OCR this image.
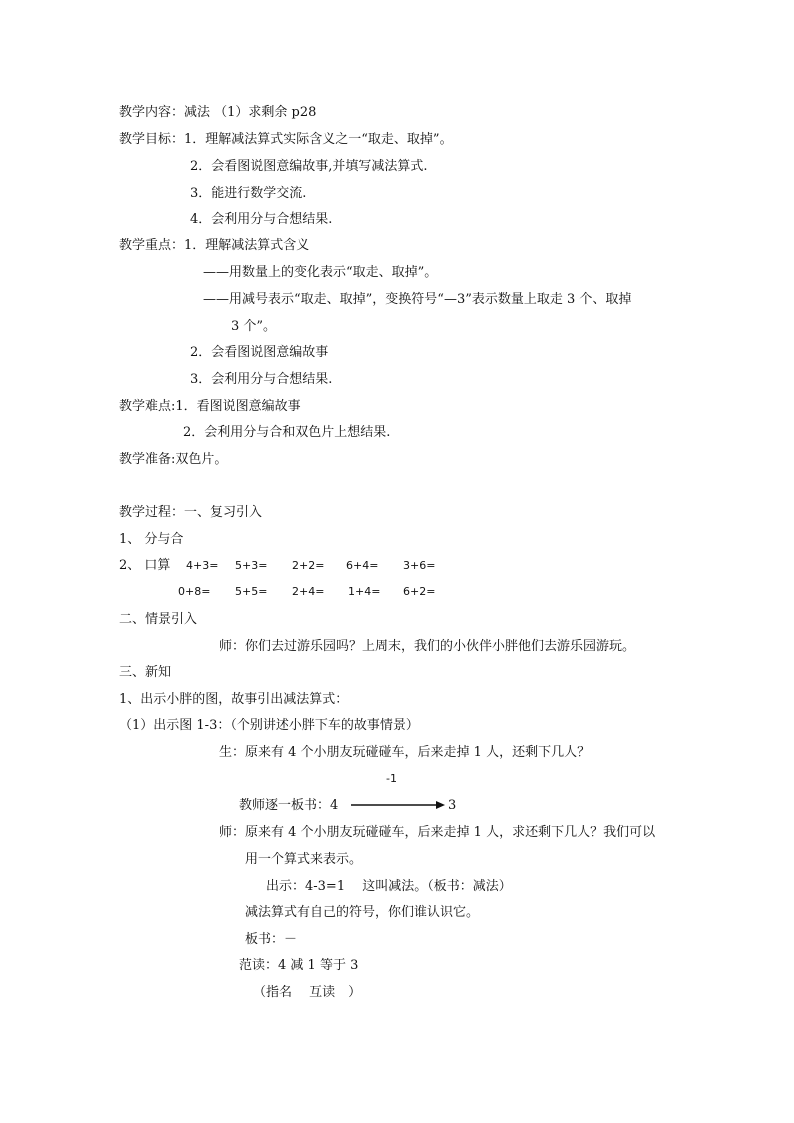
教学内容：减法 （1）求剩余 p28
教学目标：1．理解减法算式实际含义之一“取走、取掉”。
2．会看图说图意编故事,并填写减法算式.
3．能进行数学交流.
4．会利用分与合想结果.
教学重点：1．理解减法算式含义
——用数量上的变化表示“取走、取掉”。
——用减号表示“取走、取掉”，变换符号“—3”表示数量上取走 3 个、取掉
3 个”。
2．会看图说图意编故事
3．会利用分与合想结果.
教学难点:1．看图说图意编故事
2．会利用分与合和双色片上想结果.
教学准备:双色片。
教学过程：一、复习引入
1、 分与合
2、 口算 4+3= 5+3= 2+2= 6+4= 3+6=
0+8= 5+5= 2+4= 1+4= 6+2=
二、情景引入
师：你们去过游乐园吗？上周末，我们的小伙伴小胖他们去游乐园游玩。
三、新知
1、出示小胖的图，故事引出减法算式：
（1）出示图 1-3：（个别讲述小胖下车的故事情景）
生：原来有 4 个小朋友玩碰碰车，后来走掉 1 人，还剩下几人？
-1
教师逐一板书：4	3
师：原来有 4 个小朋友玩碰碰车，后来走掉 1 人，求还剩下几人？我们可以
用一个算式来表示。
出示：4-3=1　 这叫减法。（板书：减法）
减法算式有自己的符号，你们谁认识它。
板书：－
范读：4 减 1 等于 3
（指名　 互读　）
